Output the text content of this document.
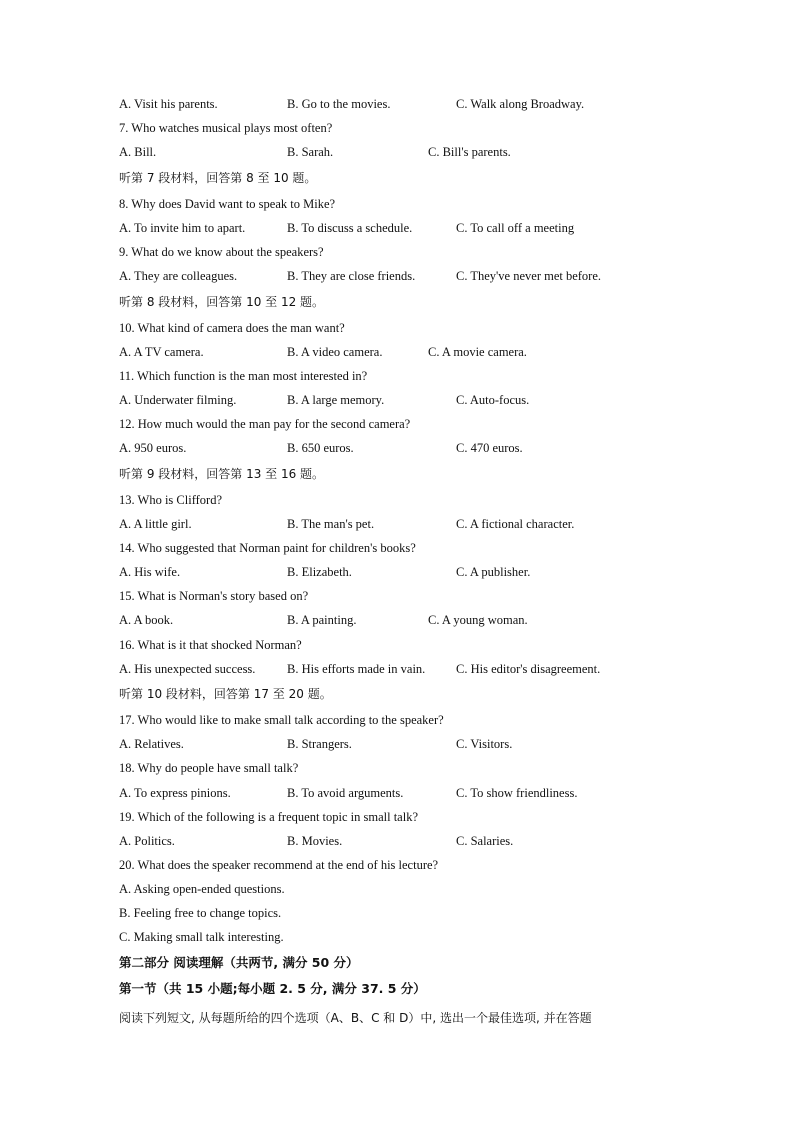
A. Visit his parents.	B. Go to the movies.	C. Walk along Broadway.
7. Who watches musical plays most often?
A. Bill.	B. Sarah.	C. Bill's parents.
听第 7 段材料，回答第 8 至 10 题。
8. Why does David want to speak to Mike?
A. To invite him to apart.	B. To discuss a schedule.	C. To call off a meeting
9. What do we know about the speakers?
A. They are colleagues.	B. They are close friends.	C. They've never met before.
听第 8 段材料，回答第 10 至 12 题。
10. What kind of camera does the man want?
A. A TV camera.	B. A video camera.	C. A movie camera.
11. Which function is the man most interested in?
A. Underwater filming.	B. A large memory.	C. Auto-focus.
12. How much would the man pay for the second camera?
A. 950 euros.	B. 650 euros.	C. 470 euros.
听第 9 段材料，回答第 13 至 16 题。
13. Who is Clifford?
A. A little girl.	B. The man's pet.	C. A fictional character.
14. Who suggested that Norman paint for children's books?
A. His wife.	B. Elizabeth.	C. A publisher.
15. What is Norman's story based on?
A. A book.	B. A painting.	C. A young woman.
16. What is it that shocked Norman?
A. His unexpected success.	B. His efforts made in vain. C. His editor's disagreement.
听第 10 段材料，回答第 17 至 20 题。
17. Who would like to make small talk according to the speaker?
A. Relatives.	B. Strangers.	C. Visitors.
18. Why do people have small talk?
A. To express pinions.	B. To avoid arguments.	C. To show friendliness.
19. Which of the following is a frequent topic in small talk?
A. Politics.	B. Movies.	C. Salaries.
20. What does the speaker recommend at the end of his lecture?
A. Asking open-ended questions.
B. Feeling free to change topics.
C. Making small talk interesting.
第二部分 阅读理解（共两节, 满分 50 分）
第一节（共 15 小题;每小题 2. 5 分, 满分 37. 5 分）
阅读下列短文, 从每题所给的四个选项（A、B、C 和 D）中, 选出一个最佳选项, 并在答题
